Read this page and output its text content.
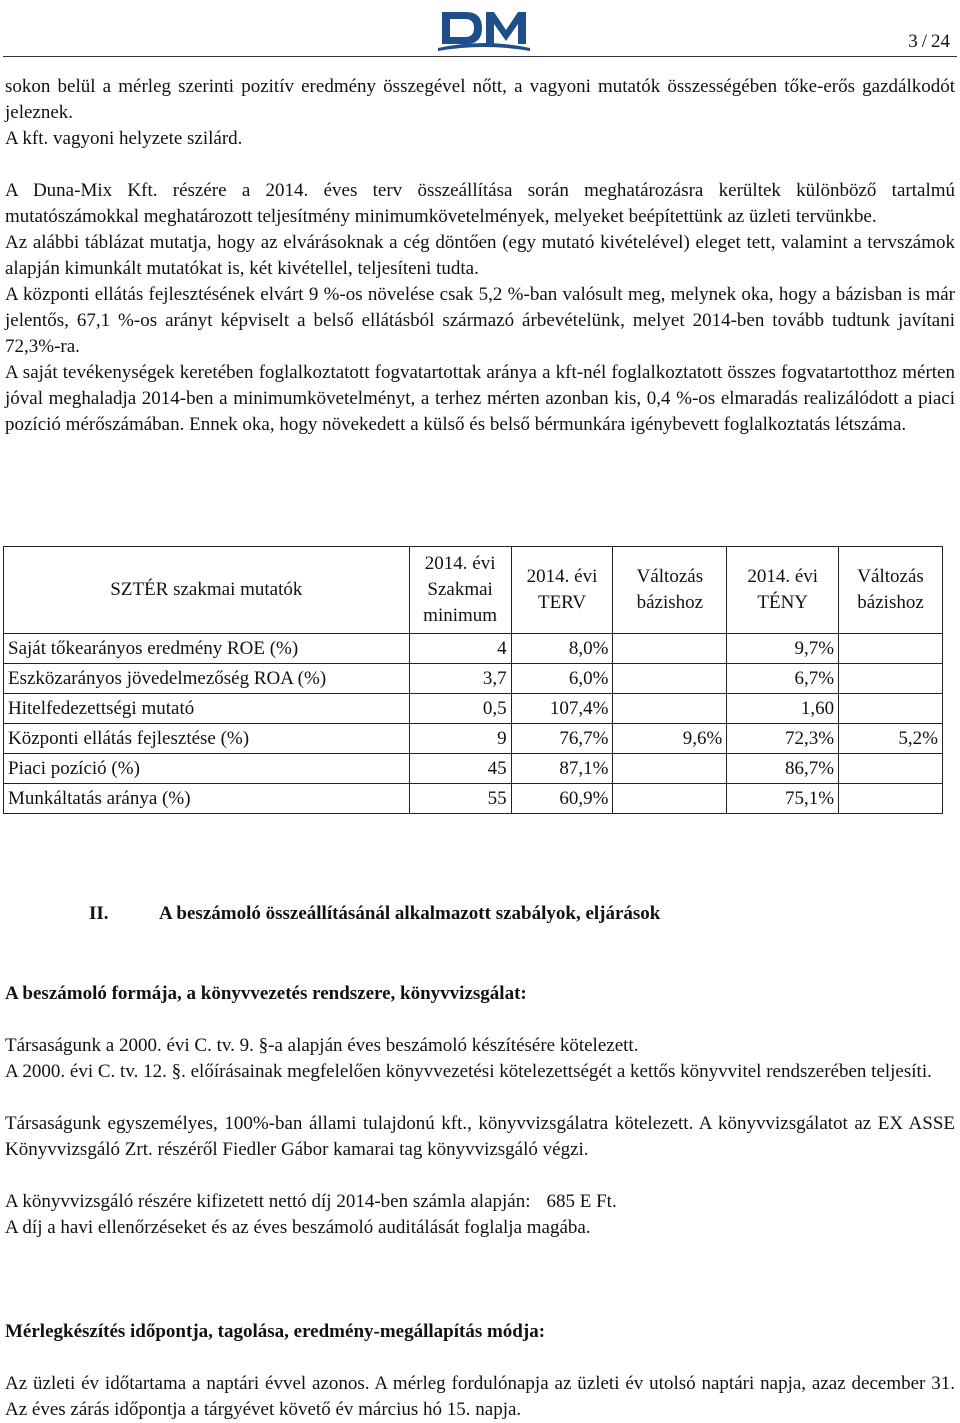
3 / 24

sokon belül a mérleg szerinti pozitív eredmény összegével nőtt, a vagyoni mutatók összességében tőke-erős gazdálkodót jeleznek.

A kft. vagyoni helyzete szilárd.

A Duna-Mix Kft. részére a 2014. éves terv összeállítása során meghatározásra kerültek különböző tartalmú mutatószámokkal meghatározott teljesítmény minimumkövetelmények, melyeket beépítettünk az üzleti tervünkbe.

Az alábbi táblázat mutatja, hogy az elvárásoknak a cég döntően (egy mutató kivételével) eleget tett, valamint a tervszámok alapján kimunkált mutatókat is, két kivétellel, teljesíteni tudta.

A központi ellátás fejlesztésének elvárt 9 %-os növelése csak 5,2 %-ban valósult meg, melynek oka, hogy a bázisban is már jelentős, 67,1 %-os arányt képviselt a belső ellátásból származó árbevételünk, melyet 2014-ben tovább tudtunk javítani 72,3%-ra.

A saját tevékenységek keretében foglalkoztatott fogvatartottak aránya a kft-nél foglalkoztatott összes fogvatartotthoz mérten jóval meghaladja 2014-ben a minimumkövetelményt, a terhez mérten azonban kis, 0,4 %-os elmaradás realizálódott a piaci pozíció mérőszámában. Ennek oka, hogy növekedett a külső és belső bérmunkára igénybevett foglalkoztatás létszáma.

SZTÉR szakmai mutatók	2014. évi Szakmai minimum	2014. évi TERV	Változás bázishoz	2014. évi TÉNY	Változás bázishoz
Saját tőkearányos eredmény ROE (%)	4	8,0%		9,7%	
Eszközarányos jövedelmezőség ROA (%)	3,7	6,0%		6,7%	
Hitelfedezettségi mutató	0,5	107,4%		1,60	
Központi ellátás fejlesztése (%)	9	76,7%	9,6%	72,3%	5,2%
Piaci pozíció (%)	45	87,1%		86,7%	
Munkáltatás aránya (%)	55	60,9%		75,1%	

II.	A beszámoló összeállításánál alkalmazott szabályok, eljárások

A beszámoló formája, a könyvvezetés rendszere, könyvvizsgálat:

Társaságunk a 2000. évi C. tv. 9. §-a alapján éves beszámoló készítésére kötelezett.

A 2000. évi C. tv. 12. §. előírásainak megfelelően könyvvezetési kötelezettségét a kettős könyvvitel rendszerében teljesíti.

Társaságunk egyszemélyes, 100%-ban állami tulajdonú kft., könyvvizsgálatra kötelezett. A könyvvizsgálatot az EX ASSE Könyvvizsgáló Zrt. részéről Fiedler Gábor kamarai tag könyvvizsgáló végzi.

A könyvvizsgáló részére kifizetett nettó díj 2014-ben számla alapján: 685 E Ft.

A díj a havi ellenőrzéseket és az éves beszámoló auditálását foglalja magába.

Mérlegkészítés időpontja, tagolása, eredmény-megállapítás módja:

Az üzleti év időtartama a naptári évvel azonos. A mérleg fordulónapja az üzleti év utolsó naptári napja, azaz december 31. Az éves zárás időpontja a tárgyévet követő év március hó 15. napja.
